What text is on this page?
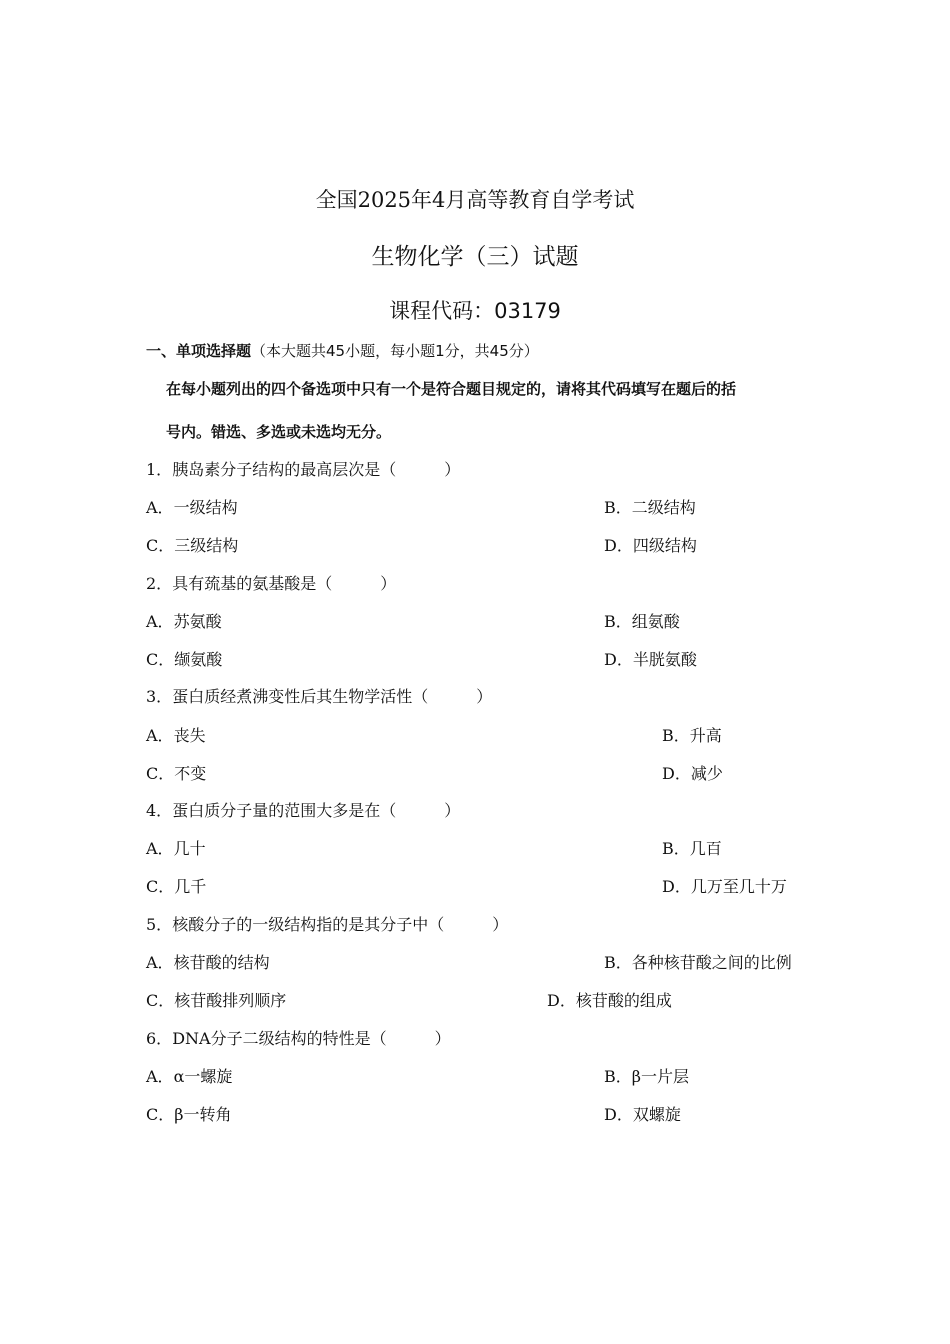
全国2025年4月高等教育自学考试
生物化学（三）试题
课程代码：03179
一、单项选择题（本大题共45小题，每小题1分，共45分）
在每小题列出的四个备选项中只有一个是符合题目规定的，请将其代码填写在题后的括
号内。错选、多选或未选均无分。
1．胰岛素分子结构的最高层次是（　　　）
A．一级结构	B．二级结构
C．三级结构	D．四级结构
2．具有巯基的氨基酸是（　　　）
A．苏氨酸	B．组氨酸
C．缬氨酸	D．半胱氨酸
3．蛋白质经煮沸变性后其生物学活性（　　　）
A．丧失	B．升高
C．不变	D．减少
4．蛋白质分子量的范围大多是在（　　　）
A．几十	B．几百
C．几千	D．几万至几十万
5．核酸分子的一级结构指的是其分子中（　　　）
A．核苷酸的结构	B．各种核苷酸之间的比例
C．核苷酸排列顺序	D．核苷酸的组成
6．DNA分子二级结构的特性是（　　　）
A．α一螺旋	B．β一片层
C．β一转角	D．双螺旋
